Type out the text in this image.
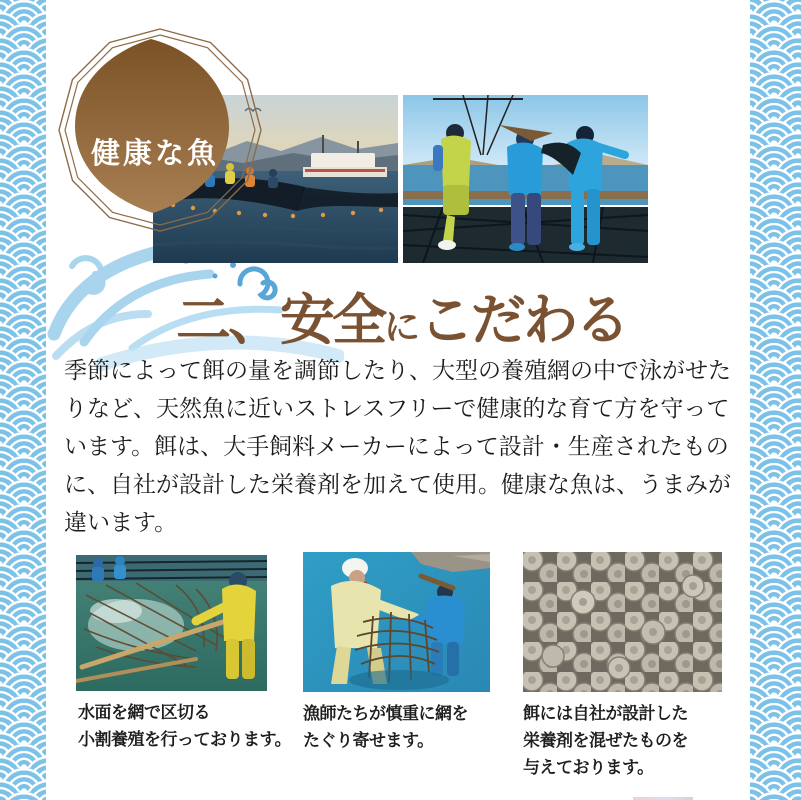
健康な魚
二、安全にこだわる

季節によって餌の量を調節したり、大型の養殖網の中で泳がせたりなど、天然魚に近いストレスフリーで健康的な育て方を守っています。餌は、大手飼料メーカーによって設計・生産されたものに、自社が設計した栄養剤を加えて使用。健康な魚は、うまみが違います。

水面を網で区切る
小割養殖を行っております。
漁師たちが慎重に網を
たぐり寄せます。
餌には自社が設計した
栄養剤を混ぜたものを
与えております。
